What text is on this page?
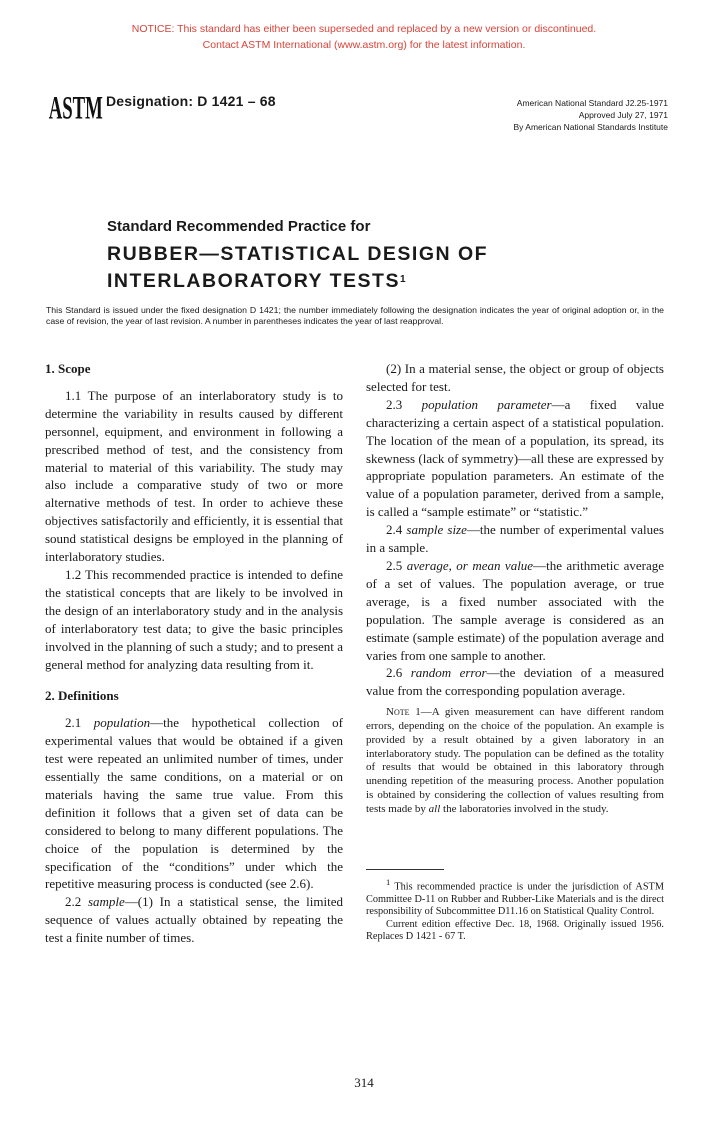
NOTICE: This standard has either been superseded and replaced by a new version or discontinued.
Contact ASTM International (www.astm.org) for the latest information.
ASTM Designation: D 1421 – 68	American National Standard J2.25-1971
Approved July 27, 1971
By American National Standards Institute
Standard Recommended Practice for
RUBBER—STATISTICAL DESIGN OF
INTERLABORATORY TESTS$^1$
This Standard is issued under the fixed designation D 1421; the number immediately following the designation indicates the year of original adoption or, in the case of revision, the year of last revision. A number in parentheses indicates the year of last reapproval.
1. Scope

1.1 The purpose of an interlaboratory study is to determine the variability in results caused by different personnel, equipment, and environment in following a prescribed method of test, and the consistency from material to material of this variability. The study may also include a comparative study of two or more alternative methods of test. In order to achieve these objectives satisfactorily and efficiently, it is essential that sound statistical designs be employed in the planning of interlaboratory studies.

1.2 This recommended practice is intended to define the statistical concepts that are likely to be involved in the design of an interlaboratory study and in the analysis of interlaboratory test data; to give the basic principles involved in the planning of such a study; and to present a general method for analyzing data resulting from it.

2. Definitions

2.1 population—the hypothetical collection of experimental values that would be obtained if a given test were repeated an unlimited number of times, under essentially the same conditions, on a material or on materials having the same true value. From this definition it follows that a given set of data can be considered to belong to many different populations. The choice of the population is determined by the specification of the “conditions” under which the repetitive measuring process is conducted (see 2.6).

2.2 sample—(1) In a statistical sense, the limited sequence of values actually obtained by repeating the test a finite number of times.

(2) In a material sense, the object or group of objects selected for test.

2.3 population parameter—a fixed value characterizing a certain aspect of a statistical population. The location of the mean of a population, its spread, its skewness (lack of symmetry)—all these are expressed by appropriate population parameters. An estimate of the value of a population parameter, derived from a sample, is called a “sample estimate” or “statistic.”

2.4 sample size—the number of experimental values in a sample.

2.5 average, or mean value—the arithmetic average of a set of values. The population average, or true average, is a fixed number associated with the population. The sample average is considered as an estimate (sample estimate) of the population average and varies from one sample to another.

2.6 random error—the deviation of a measured value from the corresponding population average.

Note 1—A given measurement can have different random errors, depending on the choice of the population. An example is provided by a result obtained by a given laboratory in an interlaboratory study. The population can be defined as the totality of results that would be obtained in this laboratory through unending repetition of the measuring process. Another population is obtained by considering the collection of values resulting from tests made by all the laboratories involved in the study.

$^1$ This recommended practice is under the jurisdiction of ASTM Committee D-11 on Rubber and Rubber-Like Materials and is the direct responsibility of Subcommittee D11.16 on Statistical Quality Control.

Current edition effective Dec. 18, 1968. Originally issued 1956. Replaces D 1421 - 67 T.

314
